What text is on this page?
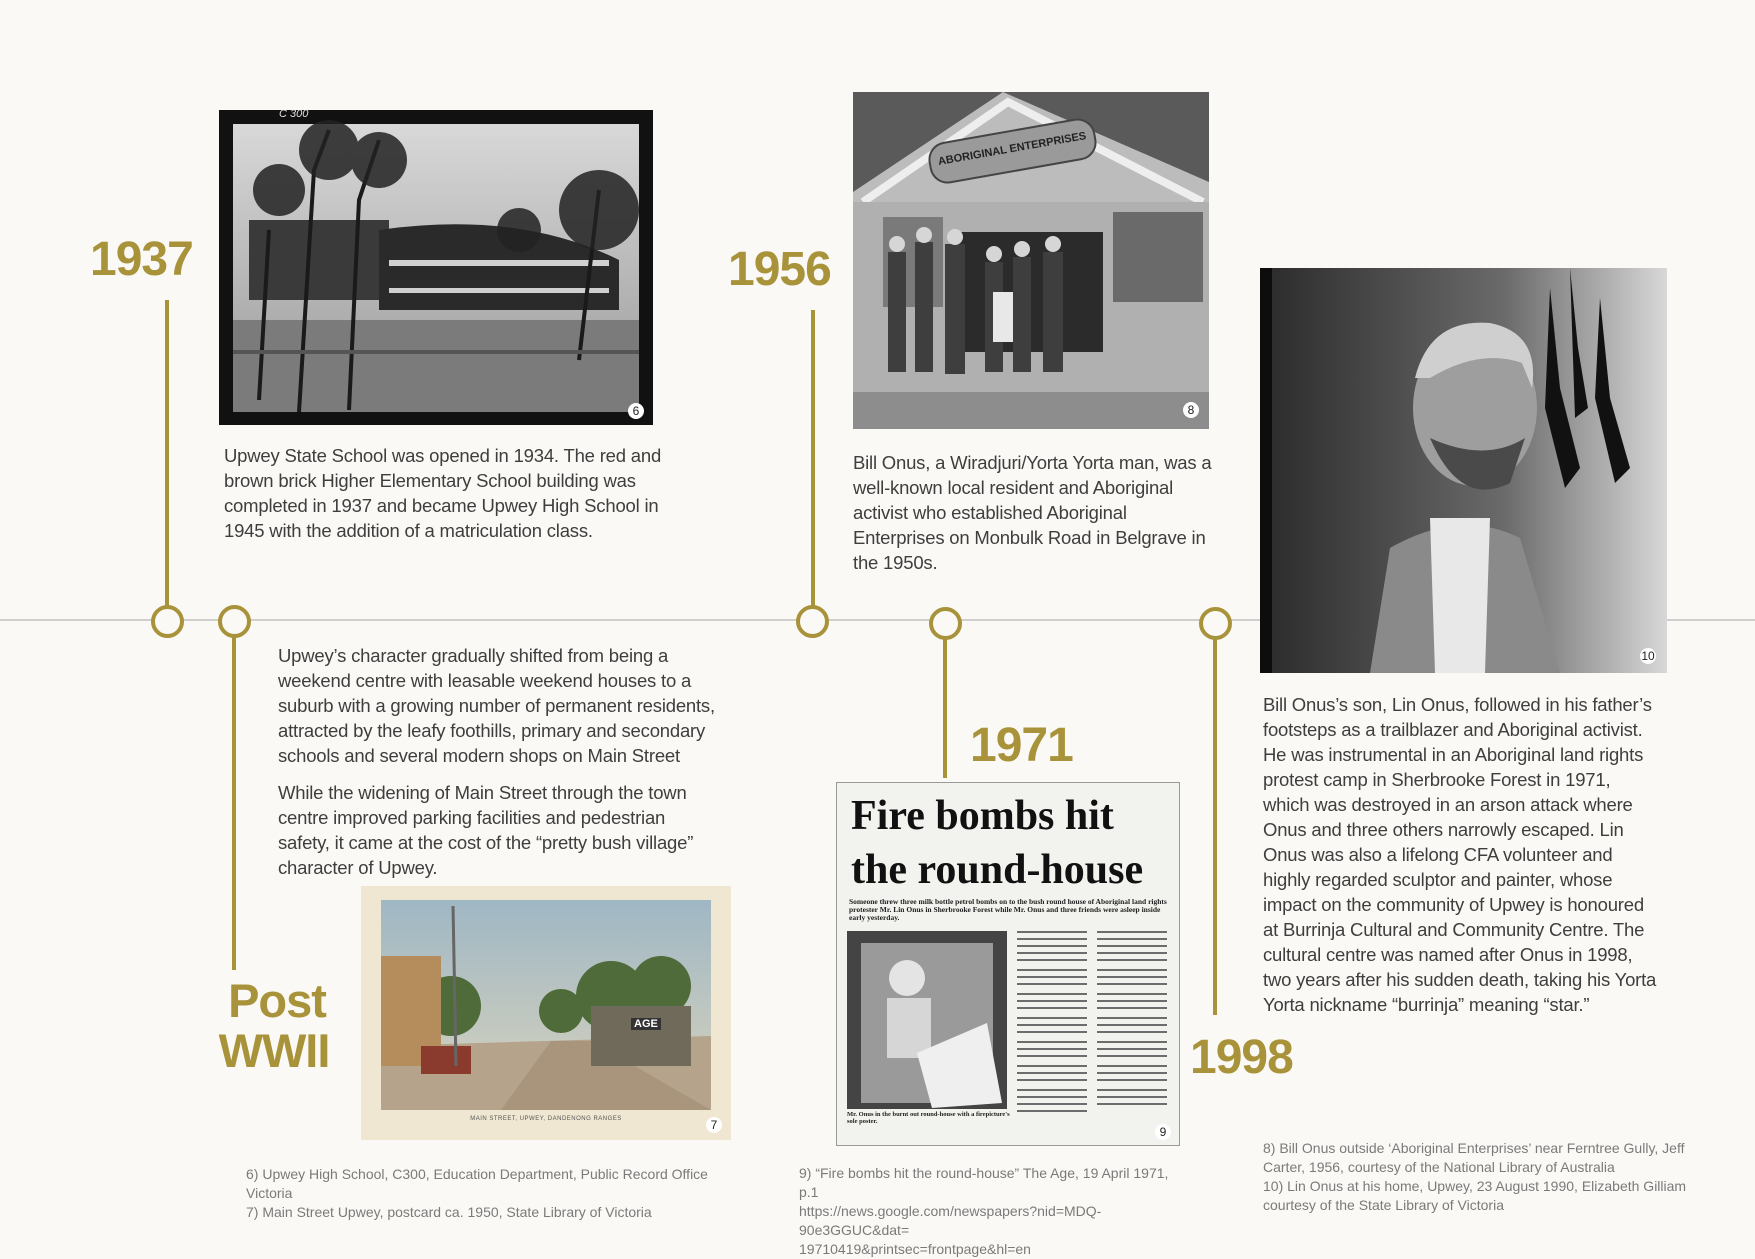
1937
Post
WWII
1956
1971
1998
C 300
6
Upwey State School was opened in 1934. The red and brown brick Higher Elementary School building was completed in 1937 and became Upwey High School in 1945 with the addition of a matriculation class.
ABORIGINAL ENTERPRISES
8
Bill Onus, a Wiradjuri/Yorta Yorta man, was a well-known local resident and Aboriginal activist who established Aboriginal Enterprises on Monbulk Road in Belgrave in the 1950s.

Upwey’s character gradually shifted from being a weekend centre with leasable weekend houses to a suburb with a growing number of permanent residents, attracted by the leafy foothills, primary and secondary schools and several modern shops on Main Street

While the widening of Main Street through the town centre improved parking facilities and pedestrian safety, it came at the cost of the “pretty bush village” character of Upwey.

AGE
MAIN STREET, UPWEY, DANDENONG RANGES	7
Fire bombs hit
the round-house
Someone threw three milk bottle petrol bombs on to the bush round house of Aboriginal land rights protester Mr. Lin Onus in Sherbrooke Forest while Mr. Onus and three friends were asleep inside early yesterday.
Mr. Onus in the burnt out round-house with a firepicture's sole poster.
9
10
Bill Onus’s son, Lin Onus, followed in his father’s footsteps as a trailblazer and Aboriginal activist. He was instrumental in an Aboriginal land rights protest camp in Sherbrooke Forest in 1971, which was destroyed in an arson attack where Onus and three others narrowly escaped. Lin Onus was also a lifelong CFA volunteer and highly regarded sculptor and painter, whose impact on the community of Upwey is honoured at Burrinja Cultural and Community Centre. The cultural centre was named after Onus in 1998, two years after his sudden death, taking his Yorta Yorta nickname “burrinja” meaning “star.”
6) Upwey High School, C300, Education Department, Public Record Office Victoria
7) Main Street Upwey, postcard ca. 1950, State Library of Victoria
9) “Fire bombs hit the round-house” The Age, 19 April 1971, p.1
https://news.google.com/newspapers?nid=MDQ-90e3GGUC&dat=
19710419&printsec=frontpage&hl=en
8) Bill Onus outside ‘Aboriginal Enterprises’ near Ferntree Gully, Jeff Carter, 1956, courtesy of the National Library of Australia
10) Lin Onus at his home, Upwey, 23 August 1990, Elizabeth Gilliam courtesy of the State Library of Victoria
